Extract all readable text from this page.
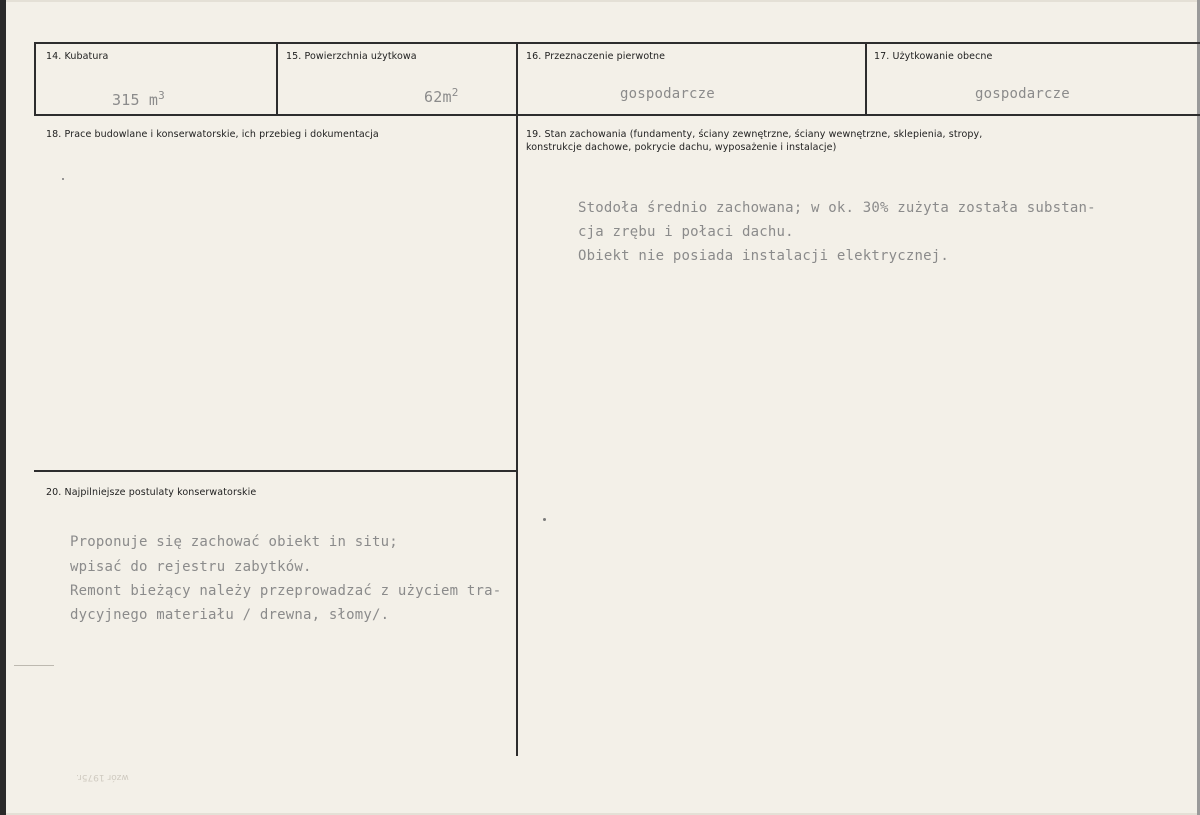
14. Kubatura	15. Powierzchnia użytkowa	16. Przeznaczenie pierwotne	17. Użytkowanie obecne
315 $m^3$	$62m^2$	gospodarcze	gospodarcze
18. Prace budowlane i konserwatorskie, ich przebieg i dokumentacja	19. Stan zachowania (fundamenty, ściany zewnętrzne, ściany wewnętrzne, sklepienia, stropy,
konstrukcje dachowe, pokrycie dachu, wyposażenie i instalacje)
Stodoła średnio zachowana; w ok. 30% zużyta została substan-
cja zrębu i połaci dachu.
Obiekt nie posiada instalacji elektrycznej.
20. Najpilniejsze postulaty konserwatorskie
Proponuje się zachować obiekt in situ;
wpisać do rejestru zabytków.
Remont bieżący należy przeprowadzać z użyciem tra-
dycyjnego materiału / drewna, słomy/.
wzór 1975r.
